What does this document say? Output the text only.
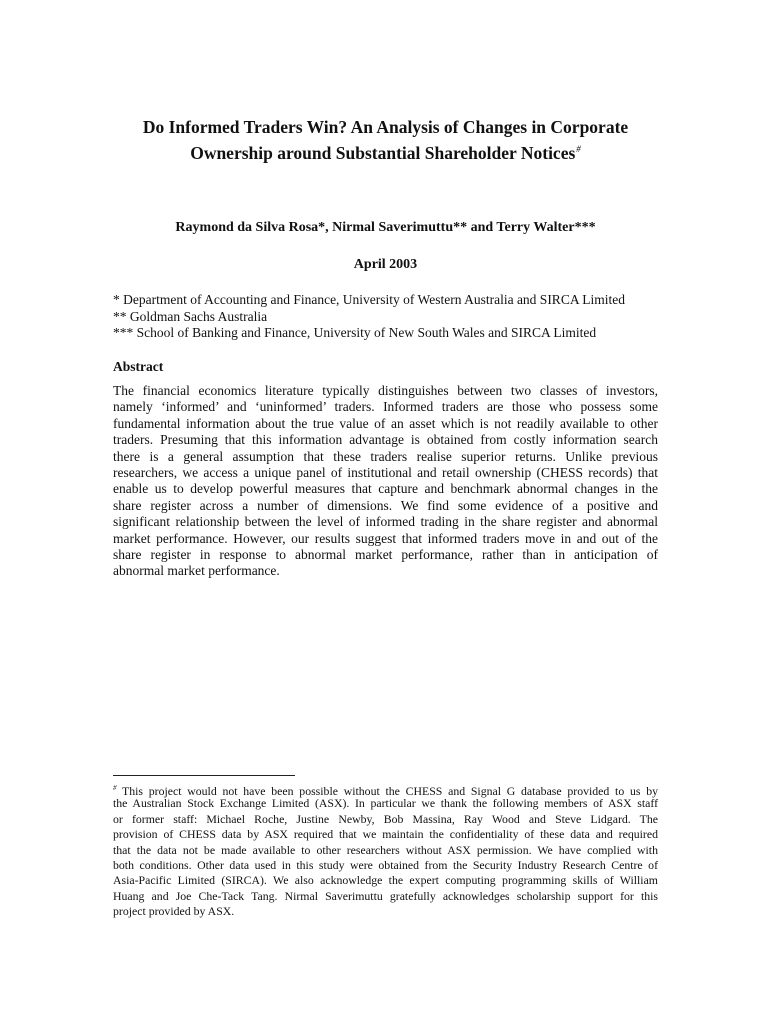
Do Informed Traders Win? An Analysis of Changes in Corporate
Ownership around Substantial Shareholder Notices#
Raymond da Silva Rosa*, Nirmal Saverimuttu** and Terry Walter***
April 2003
* Department of Accounting and Finance, University of Western Australia and SIRCA Limited
** Goldman Sachs Australia
*** School of Banking and Finance, University of New South Wales and SIRCA Limited
Abstract
The financial economics literature typically distinguishes between two classes of investors,
namely ‘informed’ and ‘uninformed’ traders. Informed traders are those who possess some
fundamental information about the true value of an asset which is not readily available to other
traders. Presuming that this information advantage is obtained from costly information search
there is a general assumption that these traders realise superior returns. Unlike previous
researchers, we access a unique panel of institutional and retail ownership (CHESS records) that
enable us to develop powerful measures that capture and benchmark abnormal changes in the
share register across a number of dimensions. We find some evidence of a positive and
significant relationship between the level of informed trading in the share register and abnormal
market performance. However, our results suggest that informed traders move in and out of the
share register in response to abnormal market performance, rather than in anticipation of
abnormal market performance.
# This project would not have been possible without the CHESS and Signal G database provided to us by
the Australian Stock Exchange Limited (ASX). In particular we thank the following members of ASX staff
or former staff: Michael Roche, Justine Newby, Bob Massina, Ray Wood and Steve Lidgard. The
provision of CHESS data by ASX required that we maintain the confidentiality of these data and required
that the data not be made available to other researchers without ASX permission. We have complied with
both conditions. Other data used in this study were obtained from the Security Industry Research Centre of
Asia-Pacific Limited (SIRCA). We also acknowledge the expert computing programming skills of William
Huang and Joe Che-Tack Tang. Nirmal Saverimuttu gratefully acknowledges scholarship support for this
project provided by ASX.
